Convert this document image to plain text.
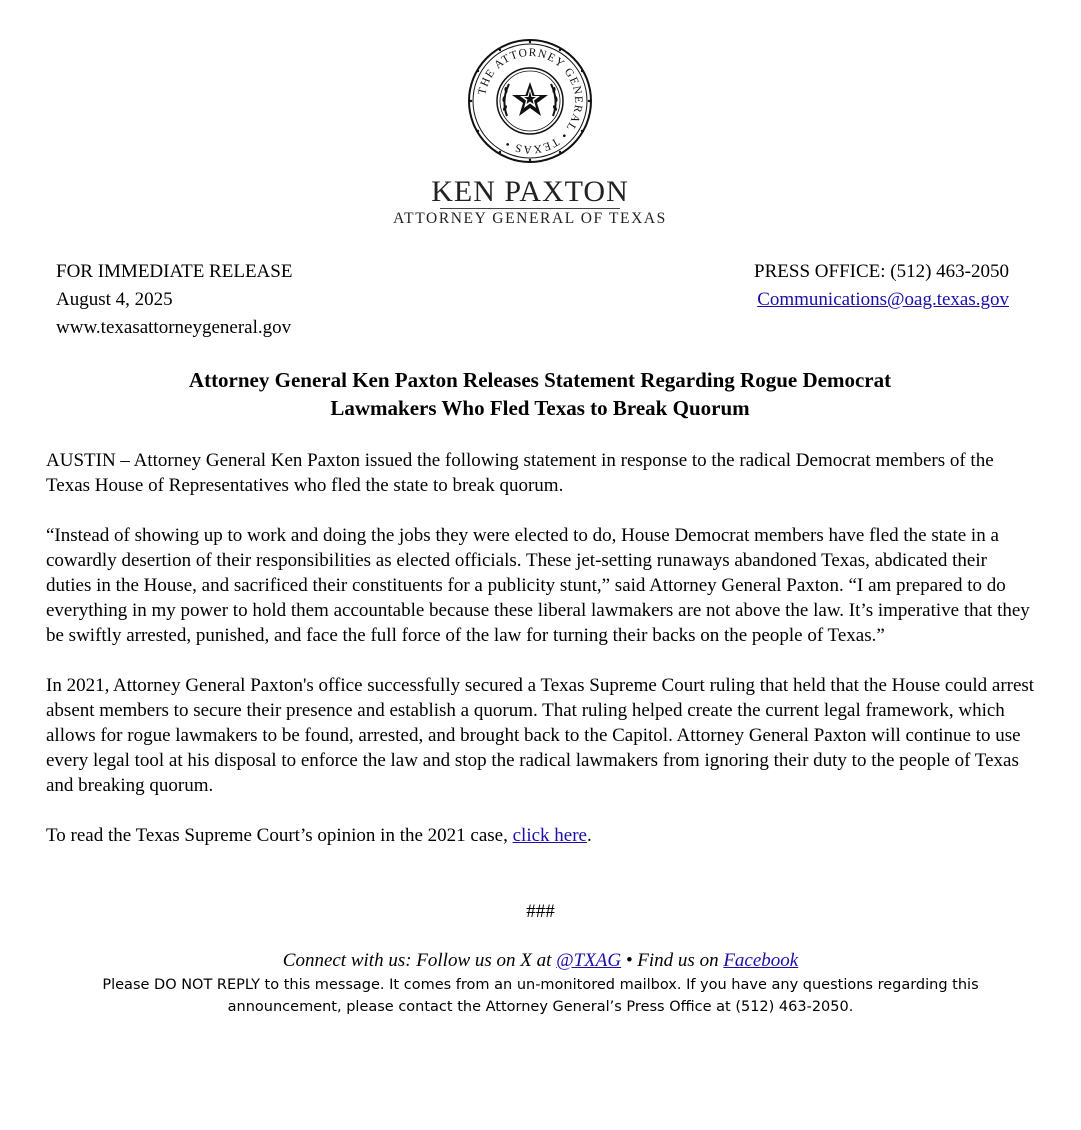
THE ATTORNEY GENERAL • TEXAS •
KEN PAXTON
ATTORNEY GENERAL OF TEXAS
FOR IMMEDIATE RELEASE
August 4, 2025
www.texasattorneygeneral.gov
PRESS OFFICE: (512) 463-2050
Communications@oag.texas.gov
Attorney General Ken Paxton Releases Statement Regarding Rogue Democrat
Lawmakers Who Fled Texas to Break Quorum

AUSTIN – Attorney General Ken Paxton issued the following statement in response to the radical Democrat members of the Texas House of Representatives who fled the state to break quorum.

“Instead of showing up to work and doing the jobs they were elected to do, House Democrat members have fled the state in a cowardly desertion of their responsibilities as elected officials. These jet-setting runaways abandoned Texas, abdicated their duties in the House, and sacrificed their constituents for a publicity stunt,” said Attorney General Paxton. “I am prepared to do everything in my power to hold them accountable because these liberal lawmakers are not above the law. It’s imperative that they be swiftly arrested, punished, and face the full force of the law for turning their backs on the people of Texas.”

In 2021, Attorney General Paxton's office successfully secured a Texas Supreme Court ruling that held that the House could arrest absent members to secure their presence and establish a quorum. That ruling helped create the current legal framework, which allows for rogue lawmakers to be found, arrested, and brought back to the Capitol. Attorney General Paxton will continue to use every legal tool at his disposal to enforce the law and stop the radical lawmakers from ignoring their duty to the people of Texas and breaking quorum.

To read the Texas Supreme Court’s opinion in the 2021 case, click here.

###
Connect with us: Follow us on X at @TXAG • Find us on Facebook
Please DO NOT REPLY to this message. It comes from an un-monitored mailbox. If you have any questions regarding this
announcement, please contact the Attorney General’s Press Office at (512) 463-2050.
